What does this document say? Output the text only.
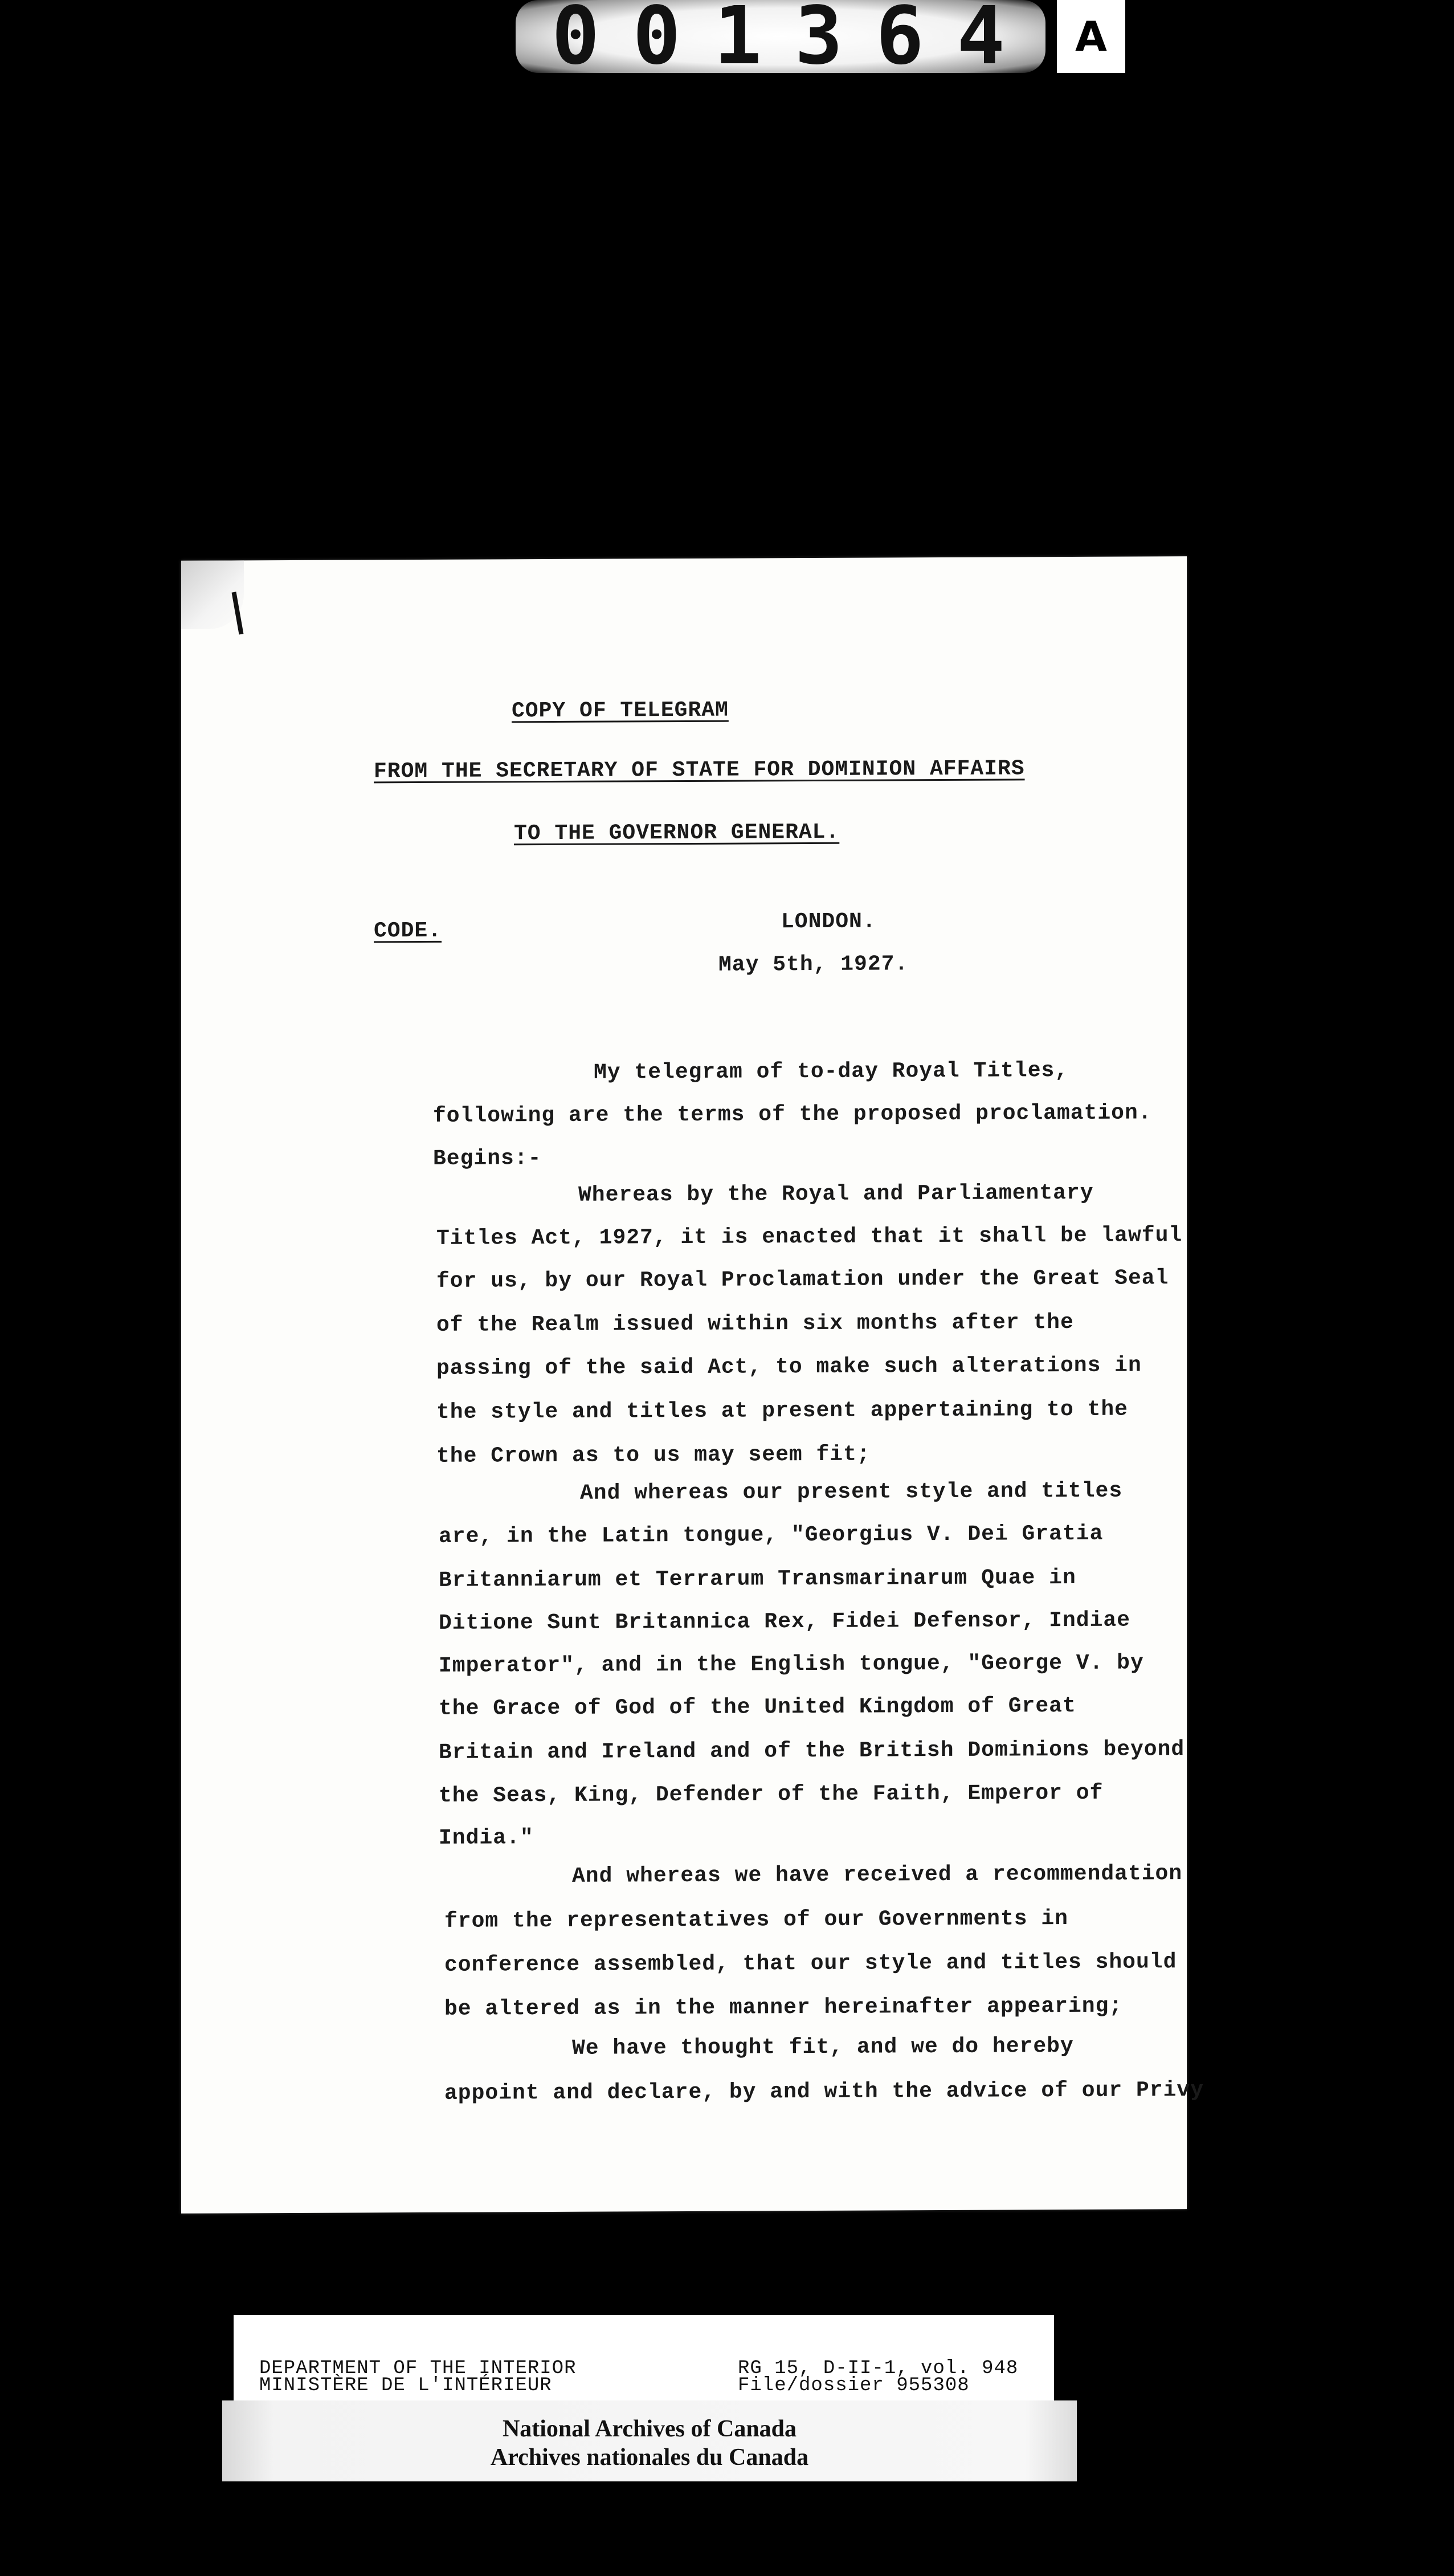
001364 A
COPY OF TELEGRAM
FROM THE SECRETARY OF STATE FOR DOMINION AFFAIRS
TO THE GOVERNOR GENERAL.
CODE.	LONDON.
May 5th, 1927.
My telegram of to-day Royal Titles,
following are the terms of the proposed proclamation.
Begins:-
Whereas by the Royal and Parliamentary
Titles Act, 1927, it is enacted that it shall be lawful
for us, by our Royal Proclamation under the Great Seal
of the Realm issued within six months after the
passing of the said Act, to make such alterations in
the style and titles at present appertaining to the
the Crown as to us may seem fit;
And whereas our present style and titles
are, in the Latin tongue, "Georgius V. Dei Gratia
Britanniarum et Terrarum Transmarinarum Quae in
Ditione Sunt Britannica Rex, Fidei Defensor, Indiae
Imperator", and in the English tongue, "George V. by
the Grace of God of the United Kingdom of Great
Britain and Ireland and of the British Dominions beyond
the Seas, King, Defender of the Faith, Emperor of
India."
And whereas we have received a recommendation
from the representatives of our Governments in
conference assembled, that our style and titles should
be altered as in the manner hereinafter appearing;
We have thought fit, and we do hereby
appoint and declare, by and with the advice of our Privy
DEPARTMENT OF THE INTERIOR
MINISTÈRE DE L'INTÉRIEUR
RG 15, D-II-1, vol. 948
File/dossier 955308
National Archives of Canada
Archives nationales du Canada
